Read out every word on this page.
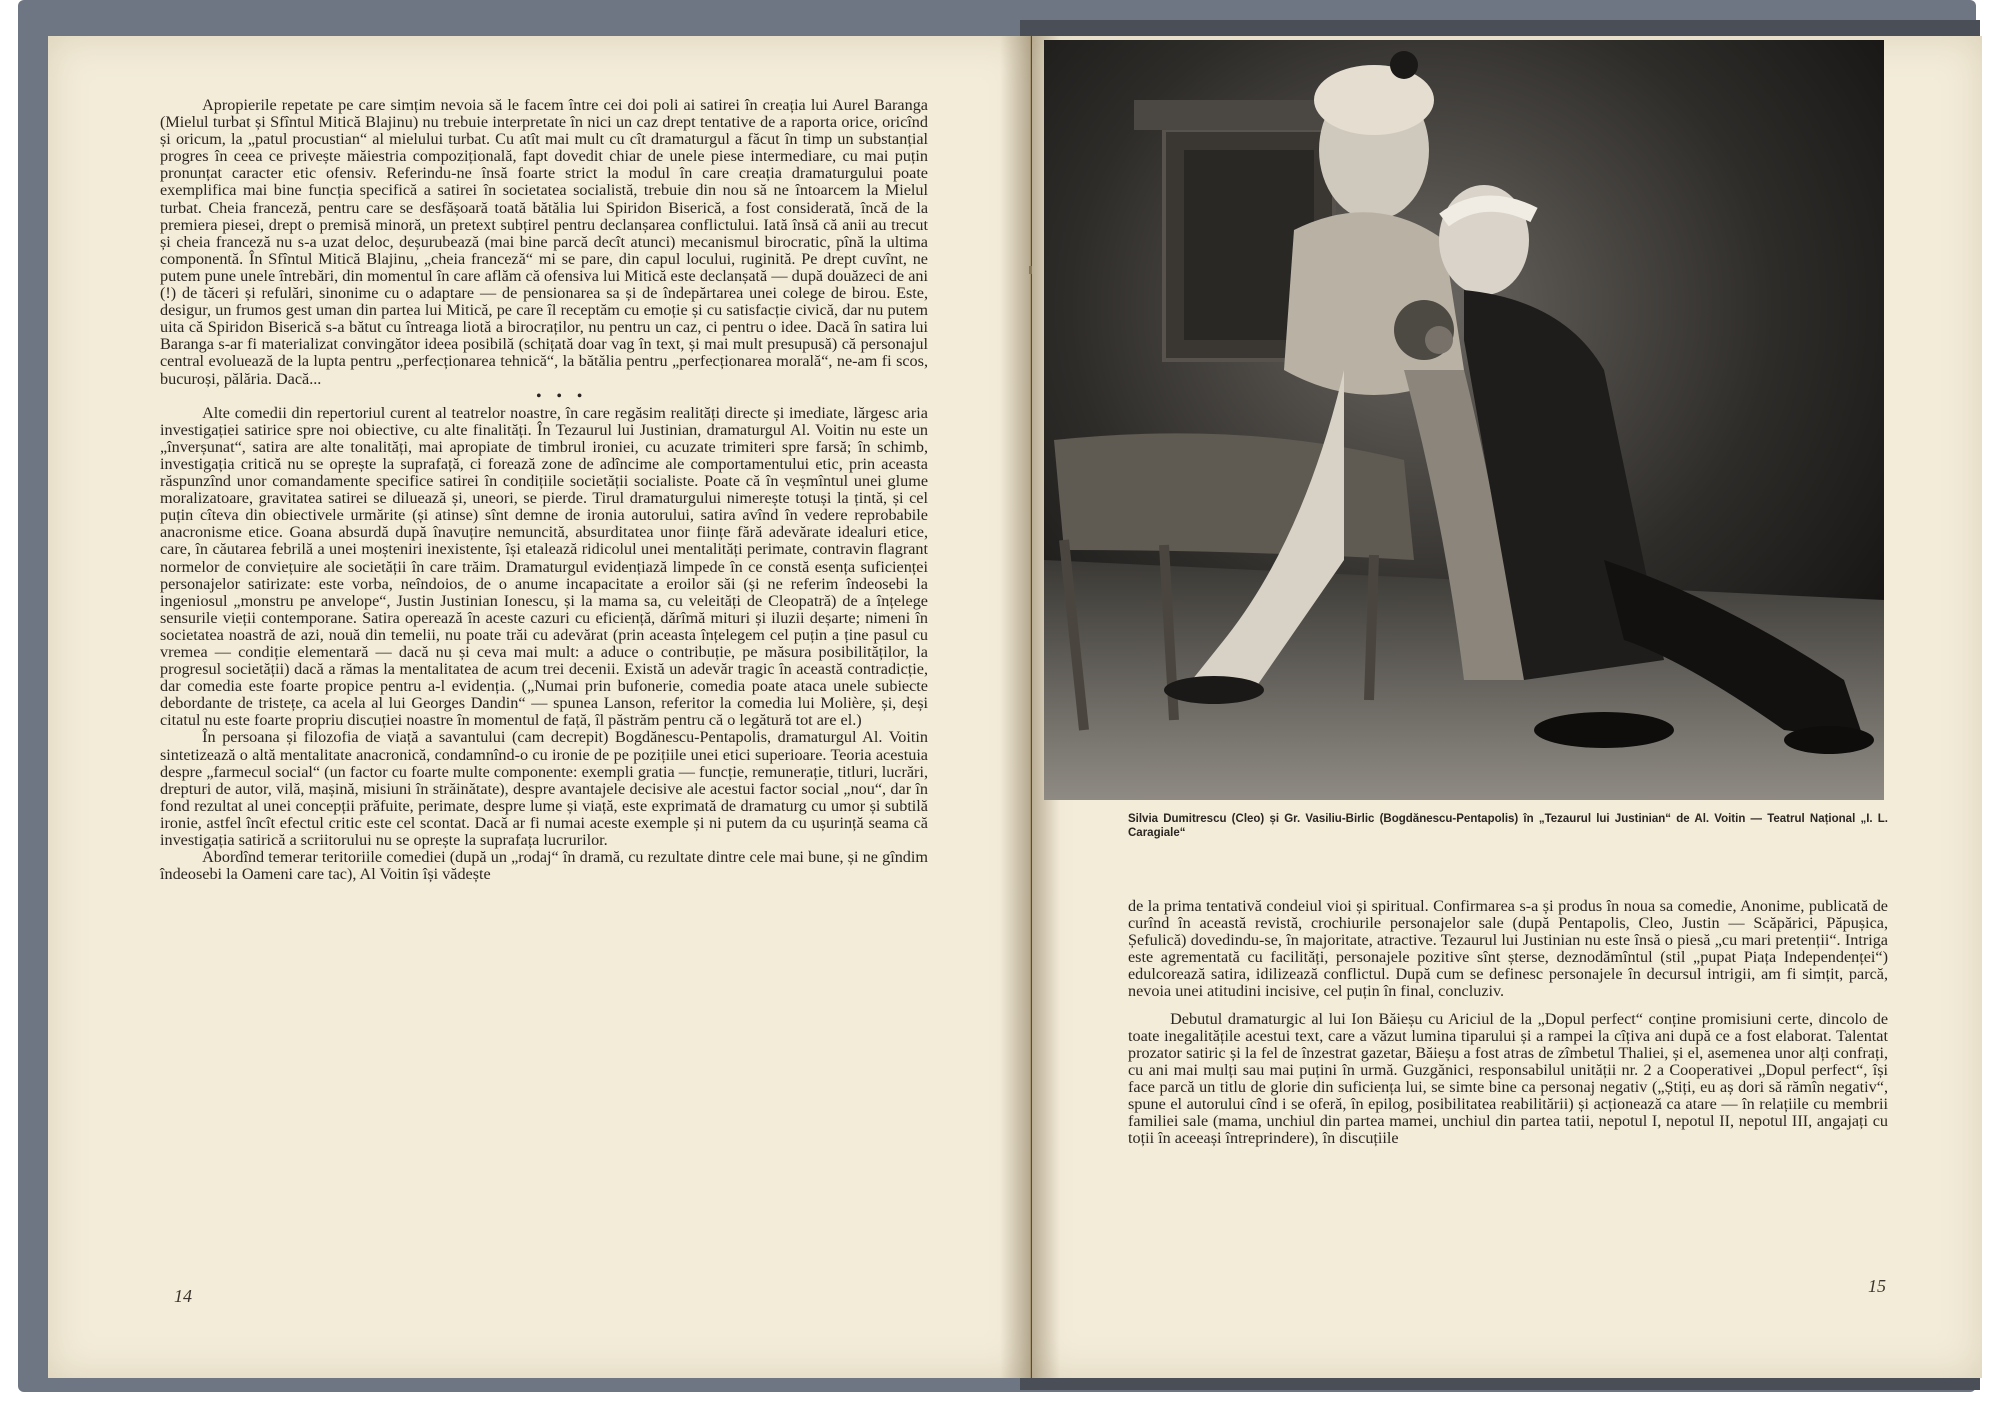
Apropierile repetate pe care simțim nevoia să le facem între cei doi poli ai satirei în creația lui Aurel Baranga (Mielul turbat și Sfîntul Mitică Blajinu) nu trebuie interpretate în nici un caz drept tentative de a raporta orice, oricînd și oricum, la „patul procustian“ al mielului turbat. Cu atît mai mult cu cît dramaturgul a făcut în timp un substanțial progres în ceea ce privește măiestria compozițională, fapt dovedit chiar de unele piese intermediare, cu mai puțin pronunțat caracter etic ofensiv. Referindu-ne însă foarte strict la modul în care creația dramaturgului poate exemplifica mai bine funcția specifică a satirei în societatea socialistă, trebuie din nou să ne întoarcem la Mielul turbat. Cheia franceză, pentru care se desfășoară toată bătălia lui Spiridon Biserică, a fost considerată, încă de la premiera piesei, drept o premisă minoră, un pretext subțirel pentru declanșarea conflictului. Iată însă că anii au trecut și cheia franceză nu s-a uzat deloc, deșurubează (mai bine parcă decît atunci) mecanismul birocratic, pînă la ultima componentă. În Sfîntul Mitică Blajinu, „cheia franceză“ mi se pare, din capul locului, ruginită. Pe drept cuvînt, ne putem pune unele întrebări, din momentul în care aflăm că ofensiva lui Mitică este declanșată — după douăzeci de ani (!) de tăceri și refulări, sinonime cu o adaptare — de pensionarea sa și de îndepărtarea unei colege de birou. Este, desigur, un frumos gest uman din partea lui Mitică, pe care îl receptăm cu emoție și cu satisfacție civică, dar nu putem uita că Spiridon Biserică s-a bătut cu întreaga liotă a birocraților, nu pentru un caz, ci pentru o idee. Dacă în satira lui Baranga s-ar fi materializat convingător ideea posibilă (schițată doar vag în text, și mai mult presupusă) că personajul central evoluează de la lupta pentru „perfecționarea tehnică“, la bătălia pentru „perfecționarea morală“, ne-am fi scos, bucuroși, pălăria. Dacă...

• • •

Alte comedii din repertoriul curent al teatrelor noastre, în care regăsim realități directe și imediate, lărgesc aria investigației satirice spre noi obiective, cu alte finalități. În Tezaurul lui Justinian, dramaturgul Al. Voitin nu este un „înverșunat“, satira are alte tonalități, mai apropiate de timbrul ironiei, cu acuzate trimiteri spre farsă; în schimb, investigația critică nu se oprește la suprafață, ci forează zone de adîncime ale comportamentului etic, prin aceasta răspunzînd unor comandamente specifice satirei în condițiile societății socialiste. Poate că în veșmîntul unei glume moralizatoare, gravitatea satirei se diluează și, uneori, se pierde. Tirul dramaturgului nimerește totuși la țintă, și cel puțin cîteva din obiectivele urmărite (și atinse) sînt demne de ironia autorului, satira avînd în vedere reprobabile anacronisme etice. Goana absurdă după înavuțire nemuncită, absurditatea unor ființe fără adevărate idealuri etice, care, în căutarea febrilă a unei moșteniri inexistente, își etalează ridicolul unei mentalități perimate, contravin flagrant normelor de conviețuire ale societății în care trăim. Dramaturgul evidențiază limpede în ce constă esența suficienței personajelor satirizate: este vorba, neîndoios, de o anume incapacitate a eroilor săi (și ne referim îndeosebi la ingeniosul „monstru pe anvelope“, Justin Justinian Ionescu, și la mama sa, cu veleități de Cleopatră) de a înțelege sensurile vieții contemporane. Satira operează în aceste cazuri cu eficiență, dărîmă mituri și iluzii deșarte; nimeni în societatea noastră de azi, nouă din temelii, nu poate trăi cu adevărat (prin aceasta înțelegem cel puțin a ține pasul cu vremea — condiție elementară — dacă nu și ceva mai mult: a aduce o contribuție, pe măsura posibilităților, la progresul societății) dacă a rămas la mentalitatea de acum trei decenii. Există un adevăr tragic în această contradicție, dar comedia este foarte propice pentru a-l evidenția. („Numai prin bufonerie, comedia poate ataca unele subiecte debordante de tristețe, ca acela al lui Georges Dandin“ — spunea Lanson, referitor la comedia lui Molière, și, deși citatul nu este foarte propriu discuției noastre în momentul de față, îl păstrăm pentru că o legătură tot are el.)

În persoana și filozofia de viață a savantului (cam decrepit) Bogdănescu-Pentapolis, dramaturgul Al. Voitin sintetizează o altă mentalitate anacronică, condamnînd-o cu ironie de pe pozițiile unei etici superioare. Teoria acestuia despre „farmecul social“ (un factor cu foarte multe componente: exempli gratia — funcție, remunerație, titluri, lucrări, drepturi de autor, vilă, mașină, misiuni în străinătate), despre avantajele decisive ale acestui factor social „nou“, dar în fond rezultat al unei concepții prăfuite, perimate, despre lume și viață, este exprimată de dramaturg cu umor și subtilă ironie, astfel încît efectul critic este cel scontat. Dacă ar fi numai aceste exemple și ni putem da cu ușurință seama că investigația satirică a scriitorului nu se oprește la suprafața lucrurilor.

Abordînd temerar teritoriile comediei (după un „rodaj“ în dramă, cu rezultate dintre cele mai bune, și ne gîndim îndeosebi la Oameni care tac), Al Voitin își vădește

14
Silvia Dumitrescu (Cleo) și Gr. Vasiliu-Birlic (Bogdănescu-Pentapolis) în „Tezaurul lui Justinian“ de Al. Voitin — Teatrul Național „I. L. Caragiale“

de la prima tentativă condeiul vioi și spiritual. Confirmarea s-a și produs în noua sa comedie, Anonime, publicată de curînd în această revistă, crochiurile personajelor sale (după Pentapolis, Cleo, Justin — Scăpărici, Păpușica, Șefulică) dovedindu-se, în majoritate, atractive. Tezaurul lui Justinian nu este însă o piesă „cu mari pretenții“. Intriga este agrementată cu facilități, personajele pozitive sînt șterse, deznodămîntul (stil „pupat Piața Independenței“) edulcorează satira, idilizează conflictul. După cum se definesc personajele în decursul intrigii, am fi simțit, parcă, nevoia unei atitudini incisive, cel puțin în final, concluziv.

Debutul dramaturgic al lui Ion Băieșu cu Ariciul de la „Dopul perfect“ conține promisiuni certe, dincolo de toate inegalitățile acestui text, care a văzut lumina tiparului și a rampei la cîțiva ani după ce a fost elaborat. Talentat prozator satiric și la fel de înzestrat gazetar, Băieșu a fost atras de zîmbetul Thaliei, și el, asemenea unor alți confrați, cu ani mai mulți sau mai puțini în urmă. Guzgănici, responsabilul unității nr. 2 a Cooperativei „Dopul perfect“, își face parcă un titlu de glorie din suficiența lui, se simte bine ca personaj negativ („Știți, eu aș dori să rămîn negativ“, spune el autorului cînd i se oferă, în epilog, posibilitatea reabilitării) și acționează ca atare — în relațiile cu membrii familiei sale (mama, unchiul din partea mamei, unchiul din partea tatii, nepotul I, nepotul II, nepotul III, angajați cu toții în aceeași întreprindere), în discuțiile

15
